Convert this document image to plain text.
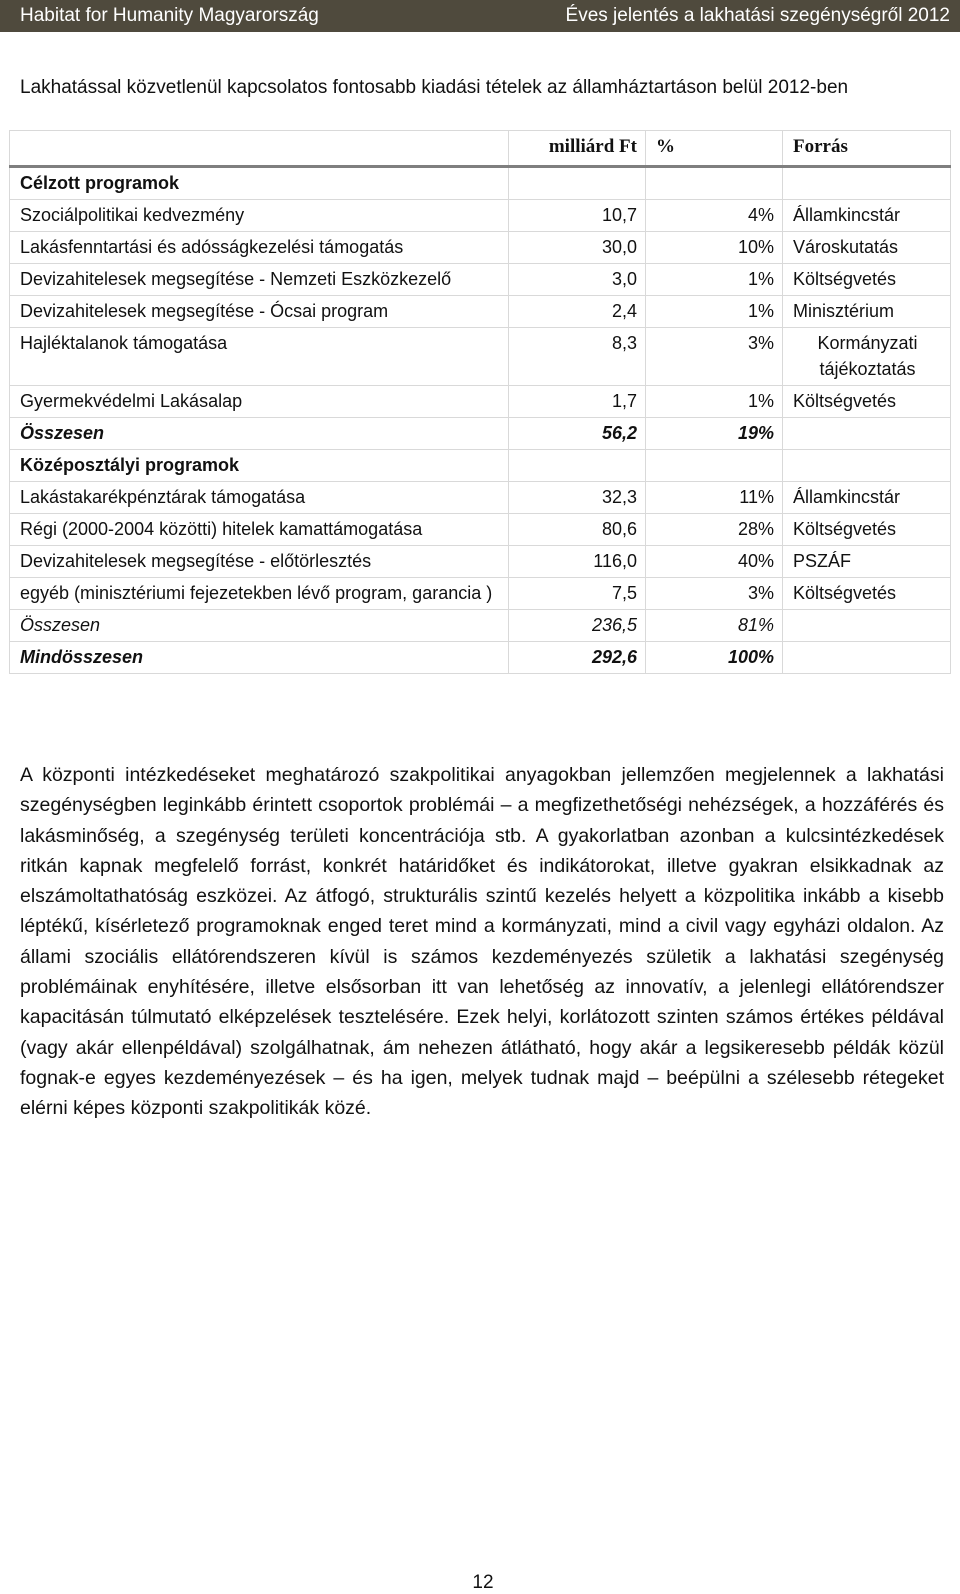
Habitat for Humanity Magyarország	Éves jelentés a lakhatási szegénységről 2012
Lakhatással közvetlenül kapcsolatos fontosabb kiadási tételek az államháztartáson belül 2012-ben
	milliárd Ft	%	Forrás
Célzott programok			
Szociálpolitikai kedvezmény	10,7	4%	Államkincstár
Lakásfenntartási és adósságkezelési támogatás	30,0	10%	Városkutatás
Devizahitelesek megsegítése - Nemzeti Eszközkezelő	3,0	1%	Költségvetés
Devizahitelesek megsegítése - Ócsai program	2,4	1%	Minisztérium
Hajléktalanok támogatása	8,3	3%	Kormányzati tájékoztatás
Gyermekvédelmi Lakásalap	1,7	1%	Költségvetés
Összesen	56,2	19%	
Középosztályi programok			
Lakástakarékpénztárak támogatása	32,3	11%	Államkincstár
Régi (2000-2004 közötti) hitelek kamattámogatása	80,6	28%	Költségvetés
Devizahitelesek megsegítése - előtörlesztés	116,0	40%	PSZÁF
egyéb (minisztériumi fejezetekben lévő program, garancia )	7,5	3%	Költségvetés
Összesen	236,5	81%	
Mindösszesen	292,6	100%	
A központi intézkedéseket meghatározó szakpolitikai anyagokban jellemzően megjelennek a lakhatási szegénységben leginkább érintett csoportok problémái – a megfizethetőségi nehézségek, a hozzáférés és lakásminőség, a szegénység területi koncentrációja stb. A gyakorlatban azonban a kulcsintézkedések ritkán kapnak megfelelő forrást, konkrét határidőket és indikátorokat, illetve gyakran elsikkadnak az elszámoltathatóság eszközei. Az átfogó, strukturális szintű kezelés helyett a közpolitika inkább a kisebb léptékű, kísérletező programoknak enged teret mind a kormányzati, mind a civil vagy egyházi oldalon. Az állami szociális ellátórendszeren kívül is számos kezdeményezés születik a lakhatási szegénység problémáinak enyhítésére, illetve elsősorban itt van lehetőség az innovatív, a jelenlegi ellátórendszer kapacitásán túlmutató elképzelések tesztelésére. Ezek helyi, korlátozott szinten számos értékes példával (vagy akár ellenpéldával) szolgálhatnak, ám nehezen átlátható, hogy akár a legsikeresebb példák közül fognak-e egyes kezdeményezések – és ha igen, melyek tudnak majd – beépülni a szélesebb rétegeket elérni képes központi szakpolitikák közé.
12
